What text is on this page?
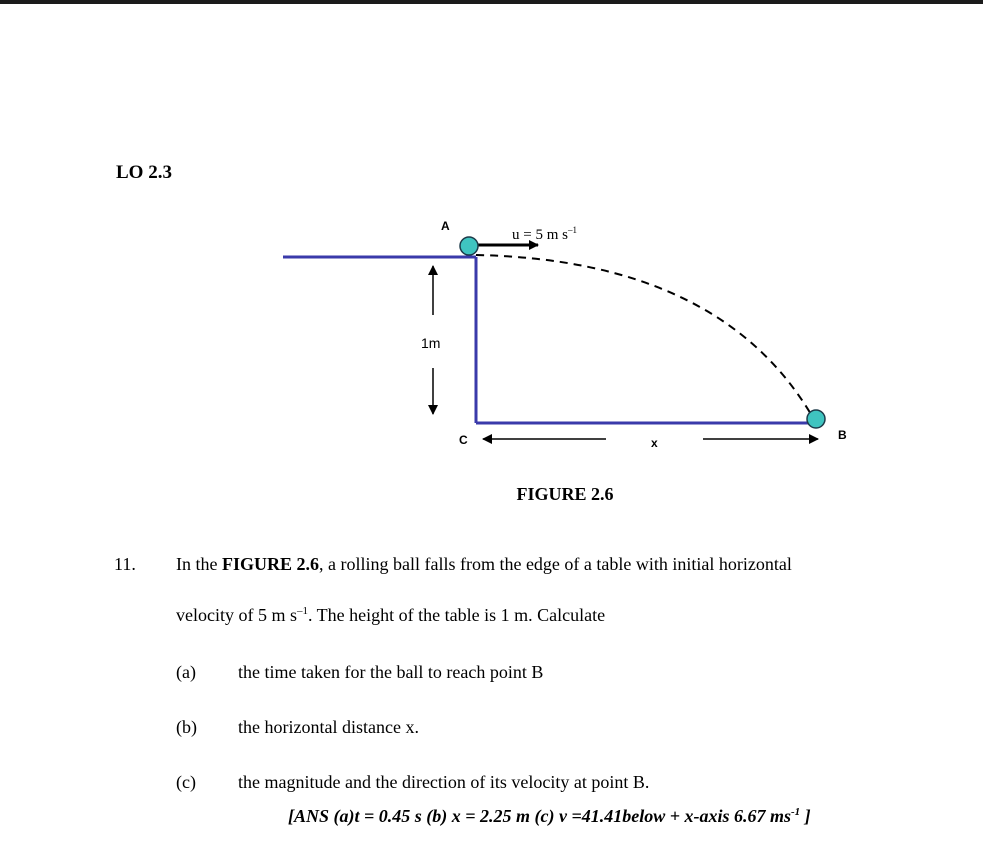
LO 2.3
A
B
C
1m
x
u = 5 m $s^{-1}$
FIGURE 2.6
11. In the FIGURE 2.6, a rolling ball falls from the edge of a table with initial horizontal
velocity of 5 m $s^{-1}$. The height of the table is 1 m. Calculate
(a) the time taken for the ball to reach point B
(b) the horizontal distance x.
(c) the magnitude and the direction of its velocity at point B.
[ANS (a)t = 0.45 s (b) x = 2.25 m (c) v =41.41below + x-axis 6.67 $ms^{-1}$ ]
